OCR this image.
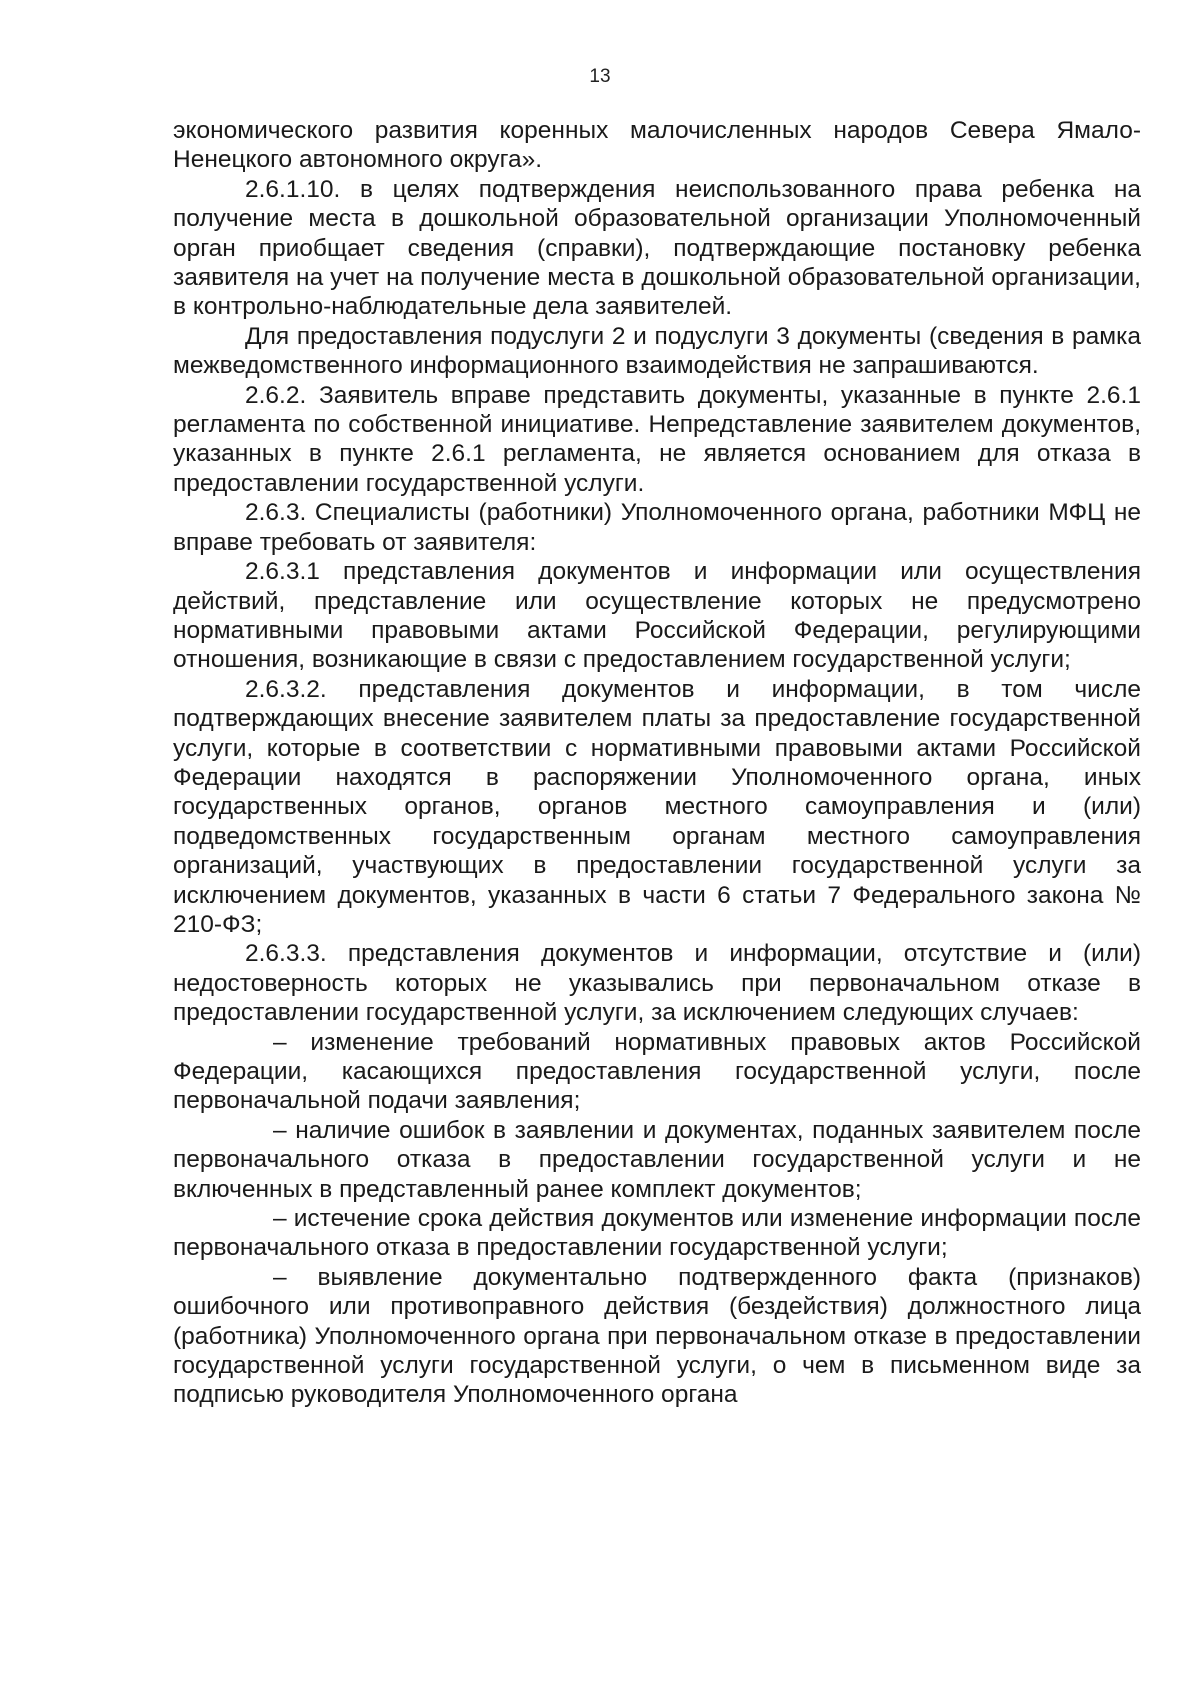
13

экономического развития коренных малочисленных народов Севера Ямало-Ненецкого автономного округа».

2.6.1.10. в целях подтверждения неиспользованного права ребенка на получение места в дошкольной образовательной организации Уполномоченный орган приобщает сведения (справки), подтверждающие постановку ребенка заявителя на учет на получение места в дошкольной образовательной организации, в контрольно-наблюдательные дела заявителей.

Для предоставления подуслуги 2 и подуслуги 3 документы (сведения в рамка межведомственного информационного взаимодействия не запрашиваются.

2.6.2. Заявитель вправе представить документы, указанные в пункте 2.6.1 регламента по собственной инициативе. Непредставление заявителем документов, указанных в пункте 2.6.1 регламента, не является основанием для отказа в предоставлении государственной услуги.

2.6.3. Специалисты (работники) Уполномоченного органа, работники МФЦ не вправе требовать от заявителя:

2.6.3.1 представления документов и информации или осуществления действий, представление или осуществление которых не предусмотрено нормативными правовыми актами Российской Федерации, регулирующими отношения, возникающие в связи с предоставлением государственной услуги;

2.6.3.2. представления документов и информации, в том числе подтверждающих внесение заявителем платы за предоставление государственной услуги, которые в соответствии с нормативными правовыми актами Российской Федерации находятся в распоряжении Уполномоченного органа, иных государственных органов, органов местного самоуправления и (или) подведомственных государственным органам местного самоуправления организаций, участвующих в предоставлении государственной услуги за исключением документов, указанных в части 6 статьи 7 Федерального закона № 210-ФЗ;

2.6.3.3. представления документов и информации, отсутствие и (или) недостоверность которых не указывались при первоначальном отказе в предоставлении государственной услуги, за исключением следующих случаев:

– изменение требований нормативных правовых актов Российской Федерации, касающихся предоставления государственной услуги, после первоначальной подачи заявления;

– наличие ошибок в заявлении и документах, поданных заявителем после первоначального отказа в предоставлении государственной услуги и не включенных в представленный ранее комплект документов;

– истечение срока действия документов или изменение информации после первоначального отказа в предоставлении государственной услуги;

– выявление документально подтвержденного факта (признаков) ошибочного или противоправного действия (бездействия) должностного лица (работника) Уполномоченного органа при первоначальном отказе в предоставлении государственной услуги государственной услуги, о чем в письменном виде за подписью руководителя Уполномоченного органа
